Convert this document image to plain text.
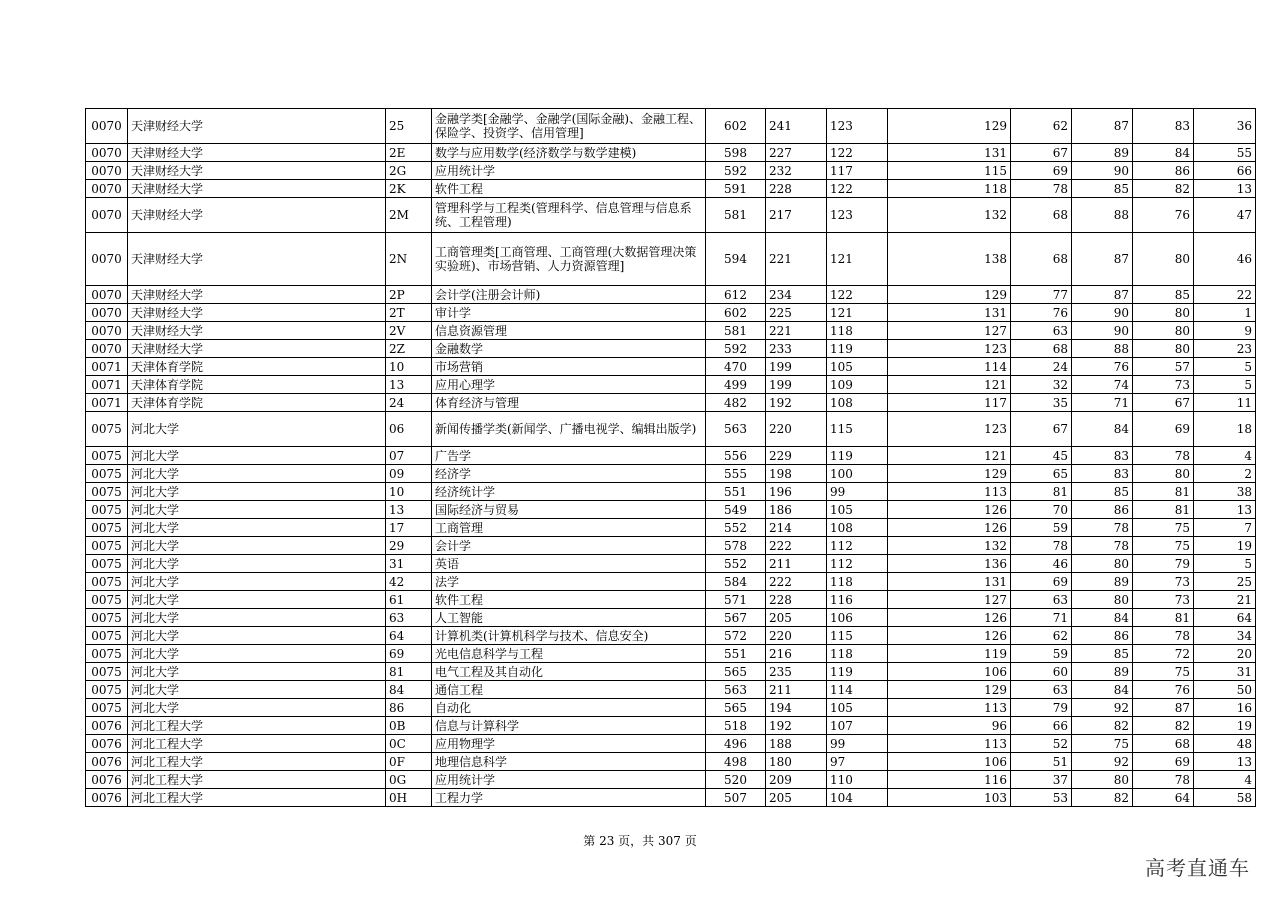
0070	天津财经大学	25	金融学类[金融学、金融学(国际金融)、金融工程、保险学、投资学、信用管理]	602	241	123	129	62	87	83	36
0070	天津财经大学	2E	数学与应用数学(经济数学与数学建模)	598	227	122	131	67	89	84	55
0070	天津财经大学	2G	应用统计学	592	232	117	115	69	90	86	66
0070	天津财经大学	2K	软件工程	591	228	122	118	78	85	82	13
0070	天津财经大学	2M	管理科学与工程类(管理科学、信息管理与信息系统、工程管理)	581	217	123	132	68	88	76	47
0070	天津财经大学	2N	工商管理类[工商管理、工商管理(大数据管理决策实验班)、市场营销、人力资源管理]	594	221	121	138	68	87	80	46
0070	天津财经大学	2P	会计学(注册会计师)	612	234	122	129	77	87	85	22
0070	天津财经大学	2T	审计学	602	225	121	131	76	90	80	1
0070	天津财经大学	2V	信息资源管理	581	221	118	127	63	90	80	9
0070	天津财经大学	2Z	金融数学	592	233	119	123	68	88	80	23
0071	天津体育学院	10	市场营销	470	199	105	114	24	76	57	5
0071	天津体育学院	13	应用心理学	499	199	109	121	32	74	73	5
0071	天津体育学院	24	体育经济与管理	482	192	108	117	35	71	67	11
0075	河北大学	06	新闻传播学类(新闻学、广播电视学、编辑出版学)	563	220	115	123	67	84	69	18
0075	河北大学	07	广告学	556	229	119	121	45	83	78	4
0075	河北大学	09	经济学	555	198	100	129	65	83	80	2
0075	河北大学	10	经济统计学	551	196	99	113	81	85	81	38
0075	河北大学	13	国际经济与贸易	549	186	105	126	70	86	81	13
0075	河北大学	17	工商管理	552	214	108	126	59	78	75	7
0075	河北大学	29	会计学	578	222	112	132	78	78	75	19
0075	河北大学	31	英语	552	211	112	136	46	80	79	5
0075	河北大学	42	法学	584	222	118	131	69	89	73	25
0075	河北大学	61	软件工程	571	228	116	127	63	80	73	21
0075	河北大学	63	人工智能	567	205	106	126	71	84	81	64
0075	河北大学	64	计算机类(计算机科学与技术、信息安全)	572	220	115	126	62	86	78	34
0075	河北大学	69	光电信息科学与工程	551	216	118	119	59	85	72	20
0075	河北大学	81	电气工程及其自动化	565	235	119	106	60	89	75	31
0075	河北大学	84	通信工程	563	211	114	129	63	84	76	50
0075	河北大学	86	自动化	565	194	105	113	79	92	87	16
0076	河北工程大学	0B	信息与计算科学	518	192	107	96	66	82	82	19
0076	河北工程大学	0C	应用物理学	496	188	99	113	52	75	68	48
0076	河北工程大学	0F	地理信息科学	498	180	97	106	51	92	69	13
0076	河北工程大学	0G	应用统计学	520	209	110	116	37	80	78	4
0076	河北工程大学	0H	工程力学	507	205	104	103	53	82	64	58
第 23 页，共 307 页
高考直通车
